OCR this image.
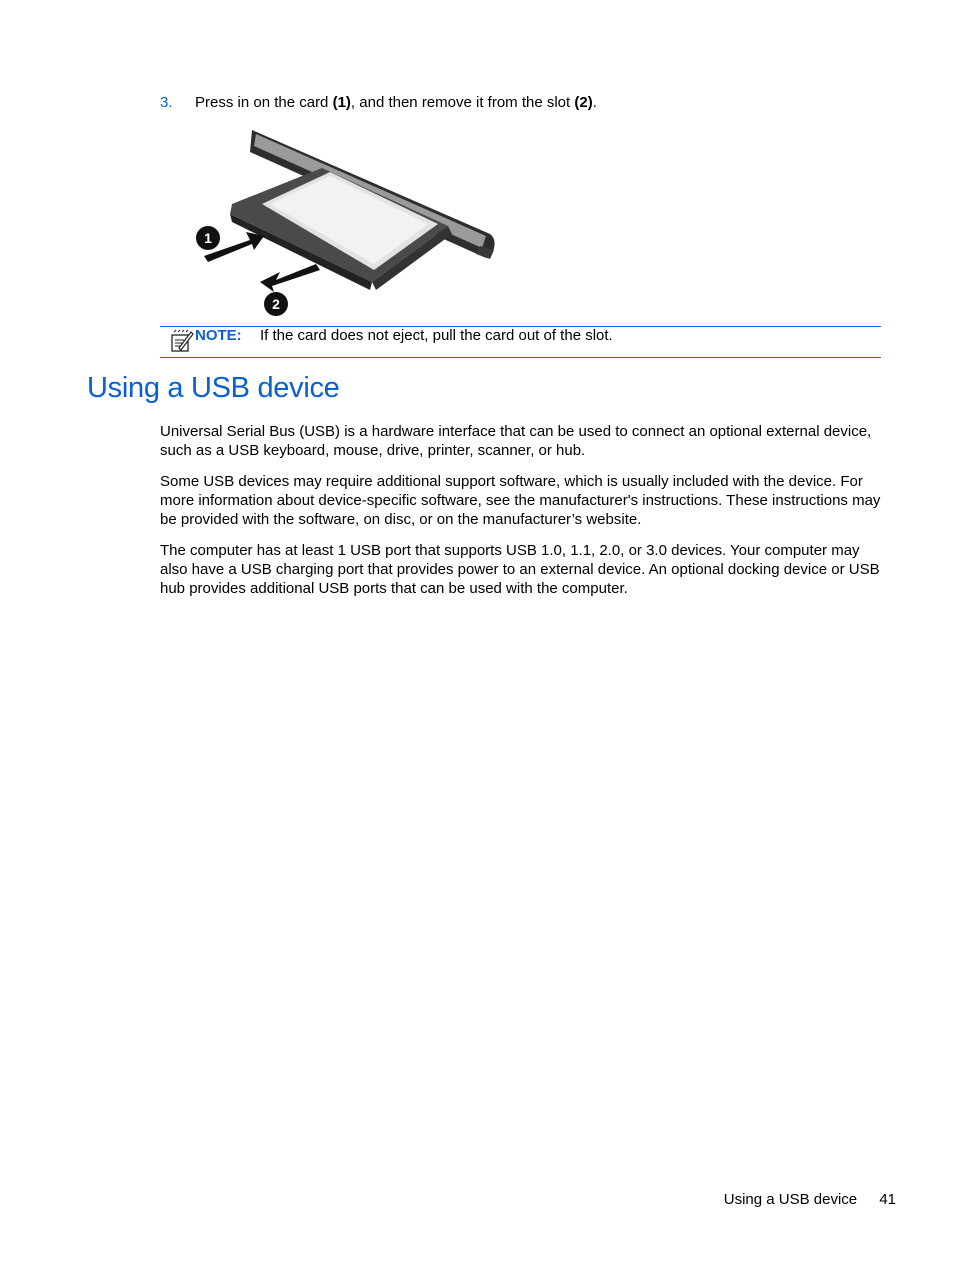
3. Press in on the card (1), and then remove it from the slot (2).
1
2
NOTE: If the card does not eject, pull the card out of the slot.
Using a USB device

Universal Serial Bus (USB) is a hardware interface that can be used to connect an optional external device, such as a USB keyboard, mouse, drive, printer, scanner, or hub.

Some USB devices may require additional support software, which is usually included with the device. For more information about device-specific software, see the manufacturer's instructions. These instructions may be provided with the software, on disc, or on the manufacturer’s website.

The computer has at least 1 USB port that supports USB 1.0, 1.1, 2.0, or 3.0 devices. Your computer may also have a USB charging port that provides power to an external device. An optional docking device or USB hub provides additional USB ports that can be used with the computer.

Using a USB device 41
